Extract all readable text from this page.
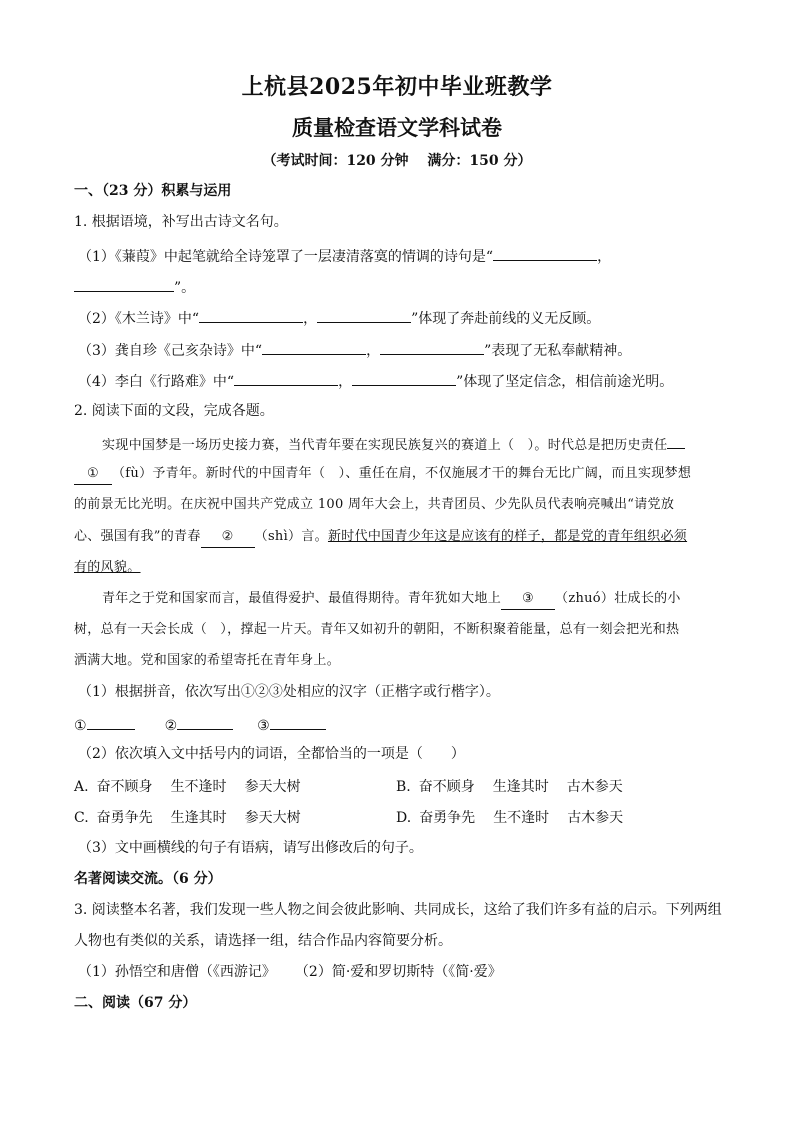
上杭县2025年初中毕业班教学
质量检查语文学科试卷
（考试时间：120 分钟　 满分：150 分）
一、（23 分）积累与运用
1. 根据语境，补写出古诗文名句。
（1）《蒹葭》中起笔就给全诗笼罩了一层凄清落寞的情调的诗句是“	，
”。
（2）《木兰诗》中“	，	”体现了奔赴前线的义无反顾。
（3）龚自珍《己亥杂诗》中“	，	”表现了无私奉献精神。
（4）李白《行路难》中“	，	”体现了坚定信念，相信前途光明。
2. 阅读下面的文段，完成各题。
实现中国梦是一场历史接力赛，当代青年要在实现民族复兴的赛道上（　）。时代总是把历史责任
① （fù）予青年。新时代的中国青年（　）、重任在肩，不仅施展才干的舞台无比广阔，而且实现梦想
的前景无比光明。在庆祝中国共产党成立 100 周年大会上，共青团员、少先队员代表响亮喊出“请党放
心、强国有我”的青春 ② （shì）言。新时代中国青少年这是应该有的样子，都是党的青年组织必须
有的风貌。
青年之于党和国家而言，最值得爱护、最值得期待。青年犹如大地上 ③ （zhuó）壮成长的小
树，总有一天会长成（　），撑起一片天。青年又如初升的朝阳，不断积聚着能量，总有一刻会把光和热
洒满大地。党和国家的希望寄托在青年身上。
（1）根据拼音，依次写出①②③处相应的汉字（正楷字或行楷字）。
①	②	③
（2）依次填入文中括号内的词语，全都恰当的一项是（　　）
A. 奋不顾身 生不逢时 参天大树	B. 奋不顾身 生逢其时 古木参天
C. 奋勇争先 生逢其时 参天大树	D. 奋勇争先 生不逢时 古木参天
（3）文中画横线的句子有语病，请写出修改后的句子。
名著阅读交流。（6 分）
3. 阅读整本名著，我们发现一些人物之间会彼此影响、共同成长，这给了我们许多有益的启示。下列两组
人物也有类似的关系，请选择一组，结合作品内容简要分析。
（1）孙悟空和唐僧（《西游记》 （2）简·爱和罗切斯特（《简·爱》
二、阅读（67 分）
